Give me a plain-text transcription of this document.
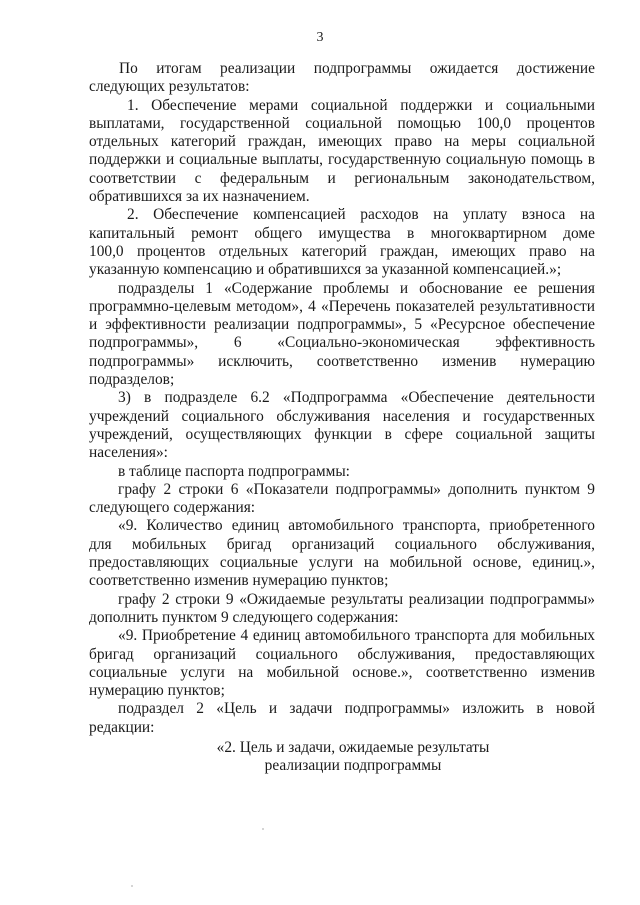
3
По итогам реализации подпрограммы ожидается достижение
следующих результатов:
1. Обеспечение мерами социальной поддержки и социальными
выплатами, государственной социальной помощью 100,0 процентов
отдельных категорий граждан, имеющих право на меры социальной
поддержки и социальные выплаты, государственную социальную помощь в
соответствии с федеральным и региональным законодательством,
обратившихся за их назначением.
2. Обеспечение компенсацией расходов на уплату взноса на
капитальный ремонт общего имущества в многоквартирном доме
100,0 процентов отдельных категорий граждан, имеющих право на
указанную компенсацию и обратившихся за указанной компенсацией.»;
подразделы 1 «Содержание проблемы и обоснование ее решения
программно-целевым методом», 4 «Перечень показателей результативности
и эффективности реализации подпрограммы», 5 «Ресурсное обеспечение
подпрограммы», 6 «Социально-экономическая эффективность
подпрограммы» исключить, соответственно изменив нумерацию
подразделов;
3) в подразделе 6.2 «Подпрограмма «Обеспечение деятельности
учреждений социального обслуживания населения и государственных
учреждений, осуществляющих функции в сфере социальной защиты
населения»:
в таблице паспорта подпрограммы:
графу 2 строки 6 «Показатели подпрограммы» дополнить пунктом 9
следующего содержания:
«9. Количество единиц автомобильного транспорта, приобретенного
для мобильных бригад организаций социального обслуживания,
предоставляющих социальные услуги на мобильной основе, единиц.»,
соответственно изменив нумерацию пунктов;
графу 2 строки 9 «Ожидаемые результаты реализации подпрограммы»
дополнить пунктом 9 следующего содержания:
«9. Приобретение 4 единиц автомобильного транспорта для мобильных
бригад организаций социального обслуживания, предоставляющих
социальные услуги на мобильной основе.», соответственно изменив
нумерацию пунктов;
подраздел 2 «Цель и задачи подпрограммы» изложить в новой
редакции:
«2. Цель и задачи, ожидаемые результаты
реализации подпрограммы
